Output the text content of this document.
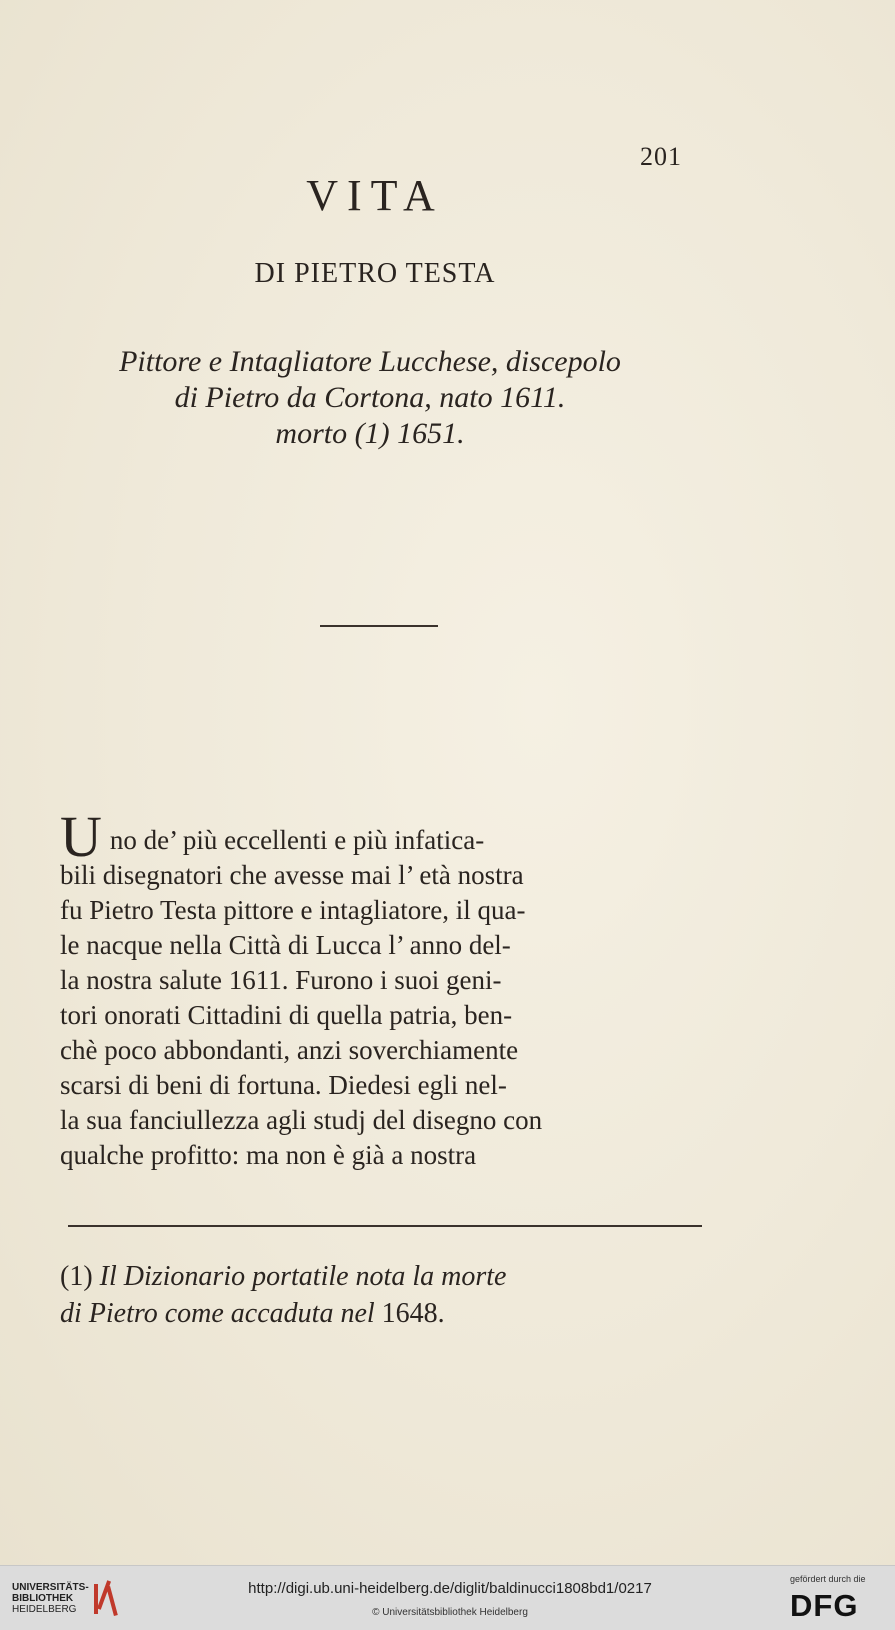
201
VITA
DI PIETRO TESTA
Pittore e Intagliatore Lucchese, discepolo
di Pietro da Cortona, nato 1611.
morto (1) 1651.
Uno de’ più eccellenti e più infatica-
bili disegnatori che avesse mai l’ età nostra
fu Pietro Testa pittore e intagliatore, il qua-
le nacque nella Città di Lucca l’ anno del-
la nostra salute 1611. Furono i suoi geni-
tori onorati Cittadini di quella patria, ben-
chè poco abbondanti, anzi soverchiamente
scarsi di beni di fortuna. Diedesi egli nel-
la sua fanciullezza agli studj del disegno con
qualche profitto: ma non è già a nostra
(1) Il Dizionario portatile nota la morte
di Pietro come accaduta nel 1648.
UNIVERSITÄTS-
BIBLIOTHEK
HEIDELBERG
http://digi.ub.uni-heidelberg.de/diglit/baldinucci1808bd1/0217
© Universitätsbibliothek Heidelberg
gefördert durch die
DFG
